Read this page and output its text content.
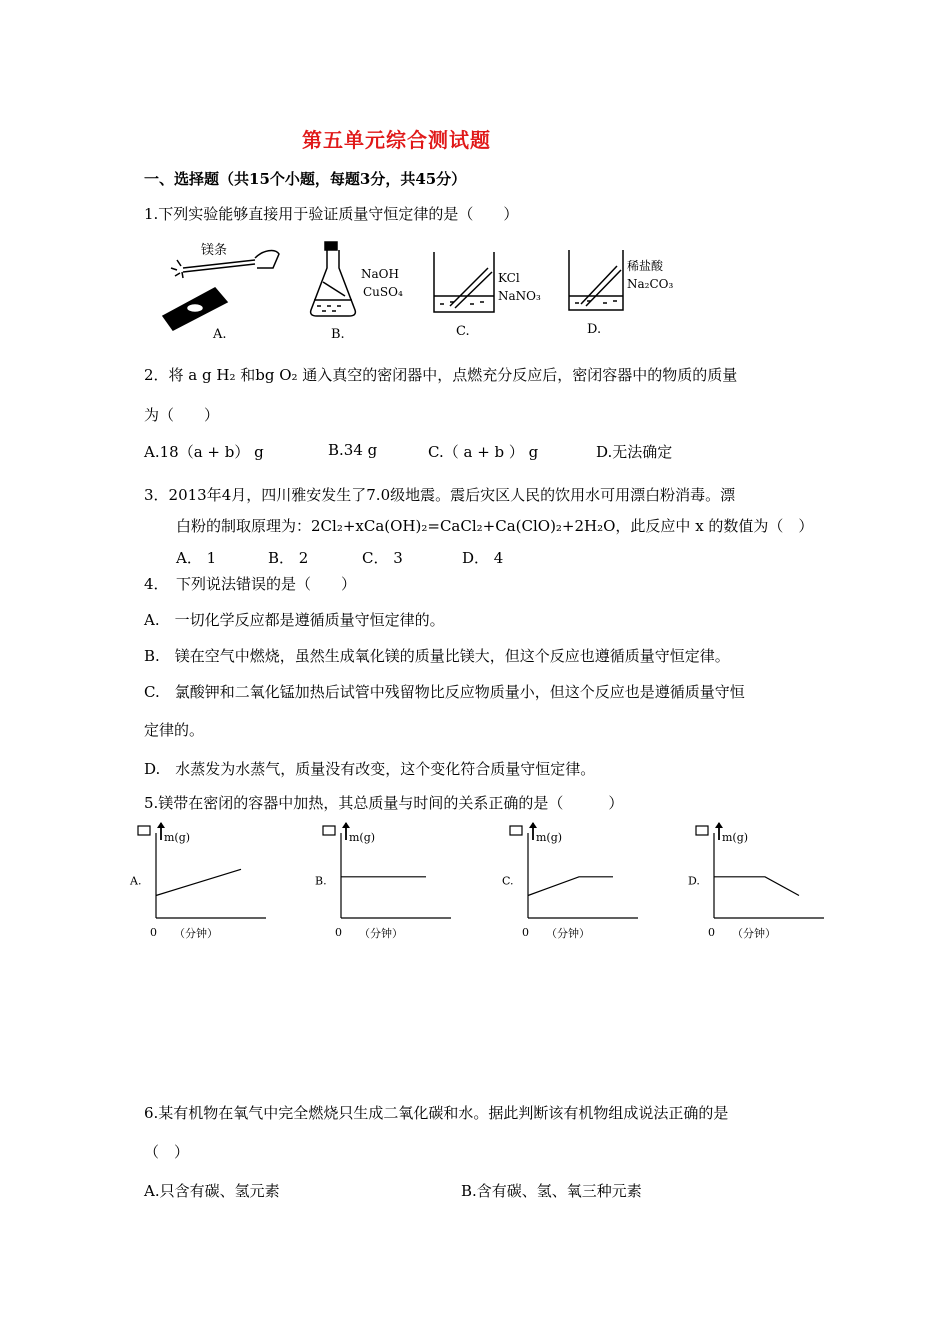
第五单元综合测试题
一、选择题（共15个小题，每题3分，共45分）
1.下列实验能够直接用于验证质量守恒定律的是（　　）
镁条
A.
NaOH
CuSO₄
B.
KCl
NaNO₃
C.
稀盐酸
Na₂CO₃
D.
2．将 a g H₂ 和bg O₂ 通入真空的密闭器中，点燃充分反应后，密闭容器中的物质的质量
为（　　）
A.18（a + b） g	B.34 g	C.（ a + b ） g	D.无法确定
3．2013年4月，四川雅安发生了7.0级地震。震后灾区人民的饮用水可用漂白粉消毒。漂
白粉的制取原理为：2Cl₂+xCa(OH)₂=CaCl₂+Ca(ClO)₂+2H₂O，此反应中 x 的数值为（　）
A． 1	B． 2	C． 3	D． 4
4．　下列说法错误的是（　　）
A.　一切化学反应都是遵循质量守恒定律的。
B.　镁在空气中燃烧，虽然生成氧化镁的质量比镁大，但这个反应也遵循质量守恒定律。
C.　氯酸钾和二氧化锰加热后试管中残留物比反应物质量小，但这个反应也是遵循质量守恒
定律的。
D.　水蒸发为水蒸气，质量没有改变，这个变化符合质量守恒定律。
5.镁带在密闭的容器中加热，其总质量与时间的关系正确的是（　　　）
m(g)
A.
0 （分钟）
m(g)
B.
0 （分钟）
m(g)
C.
0 （分钟）
m(g)
D.
0 （分钟）
6.某有机物在氧气中完全燃烧只生成二氧化碳和水。据此判断该有机物组成说法正确的是
（　）
A.只含有碳、氢元素	B.含有碳、氢、氧三种元素
